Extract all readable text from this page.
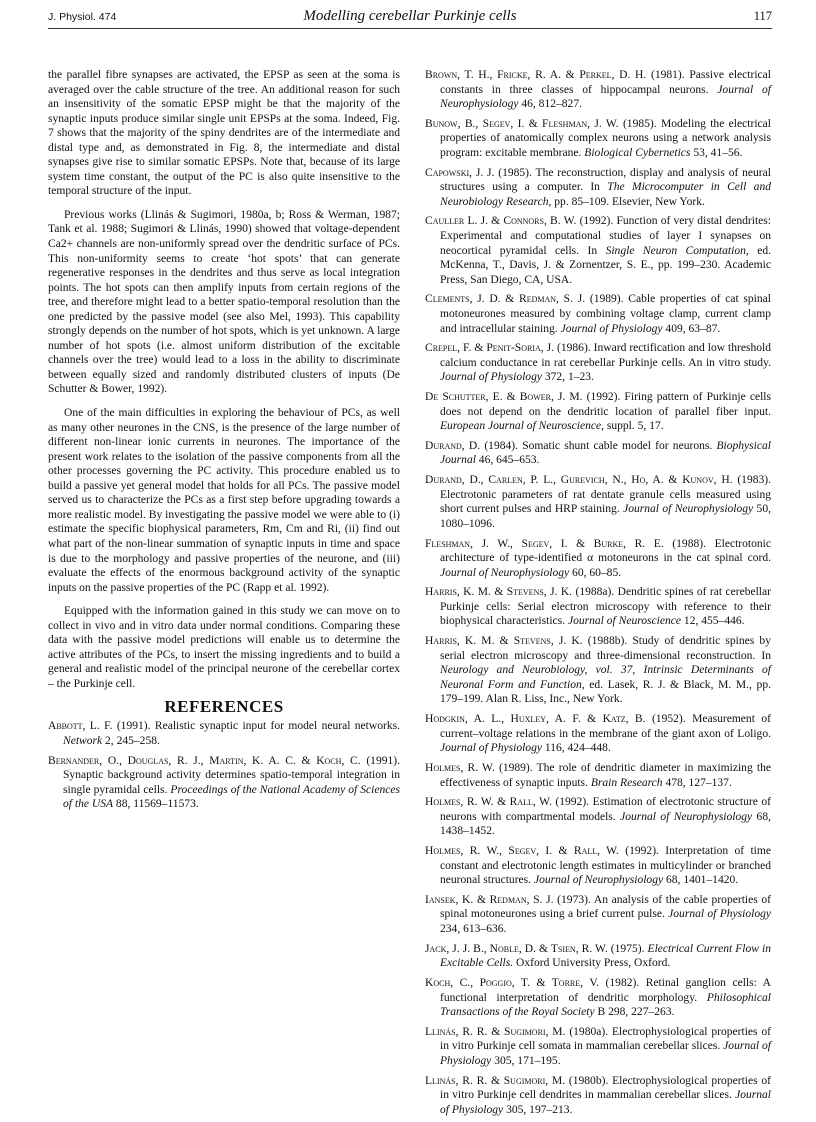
J. Physiol. 474	Modelling cerebellar Purkinje cells	117

the parallel fibre synapses are activated, the EPSP as seen at the soma is averaged over the cable structure of the tree. An additional reason for such an insensitivity of the somatic EPSP might be that the majority of the synaptic inputs produce similar single unit EPSPs at the soma. Indeed, Fig. 7 shows that the majority of the spiny dendrites are of the intermediate and distal type and, as demonstrated in Fig. 8, the intermediate and distal synapses give rise to similar somatic EPSPs. Note that, because of its large system time constant, the output of the PC is also quite insensitive to the temporal structure of the input.

Previous works (Llinás & Sugimori, 1980a, b; Ross & Werman, 1987; Tank et al. 1988; Sugimori & Llinás, 1990) showed that voltage-dependent Ca2+ channels are non-uniformly spread over the dendritic surface of PCs. This non-uniformity seems to create ‘hot spots’ that can generate regenerative responses in the dendrites and thus serve as local integration points. The hot spots can then amplify inputs from certain regions of the tree, and therefore might lead to a better spatio-temporal resolution than the one predicted by the passive model (see also Mel, 1993). This capability strongly depends on the number of hot spots, which is yet unknown. A large number of hot spots (i.e. almost uniform distribution of the excitable channels over the tree) would lead to a loss in the ability to discriminate between equally sized and randomly distributed clusters of inputs (De Schutter & Bower, 1992).

One of the main difficulties in exploring the behaviour of PCs, as well as many other neurones in the CNS, is the presence of the large number of different non-linear ionic currents in neurones. The importance of the present work relates to the isolation of the passive components from all the other processes governing the PC activity. This procedure enabled us to build a passive yet general model that holds for all PCs. The passive model served us to characterize the PCs as a first step before upgrading towards a more realistic model. By investigating the passive model we were able to (i) estimate the specific biophysical parameters, Rm, Cm and Ri, (ii) find out what part of the non-linear summation of synaptic inputs in time and space is due to the morphology and passive properties of the neurone, and (iii) evaluate the effects of the enormous background activity of the synaptic inputs on the passive properties of the PC (Rapp et al. 1992).

Equipped with the information gained in this study we can move on to collect in vivo and in vitro data under normal conditions. Comparing these data with the passive model predictions will enable us to determine the active attributes of the PCs, to insert the missing ingredients and to build a general and realistic model of the principal neurone of the cerebellar cortex – the Purkinje cell.

REFERENCES

Abbott, L. F. (1991). Realistic synaptic input for model neural networks. Network 2, 245–258.

Bernander, O., Douglas, R. J., Martin, K. A. C. & Koch, C. (1991). Synaptic background activity determines spatio-temporal integration in single pyramidal cells. Proceedings of the National Academy of Sciences of the USA 88, 11569–11573.

Brown, T. H., Fricke, R. A. & Perkel, D. H. (1981). Passive electrical constants in three classes of hippocampal neurons. Journal of Neurophysiology 46, 812–827.

Bunow, B., Segev, I. & Fleshman, J. W. (1985). Modeling the electrical properties of anatomically complex neurons using a network analysis program: excitable membrane. Biological Cybernetics 53, 41–56.

Capowski, J. J. (1985). The reconstruction, display and analysis of neural structures using a computer. In The Microcomputer in Cell and Neurobiology Research, pp. 85–109. Elsevier, New York.

Cauller L. J. & Connors, B. W. (1992). Function of very distal dendrites: Experimental and computational studies of layer I synapses on neocortical pyramidal cells. In Single Neuron Computation, ed. McKenna, T., Davis, J. & Zornentzer, S. E., pp. 199–230. Academic Press, San Diego, CA, USA.

Clements, J. D. & Redman, S. J. (1989). Cable properties of cat spinal motoneurones measured by combining voltage clamp, current clamp and intracellular staining. Journal of Physiology 409, 63–87.

Crepel, F. & Penit-Soria, J. (1986). Inward rectification and low threshold calcium conductance in rat cerebellar Purkinje cells. An in vitro study. Journal of Physiology 372, 1–23.

De Schutter, E. & Bower, J. M. (1992). Firing pattern of Purkinje cells does not depend on the dendritic location of parallel fiber input. European Journal of Neuroscience, suppl. 5, 17.

Durand, D. (1984). Somatic shunt cable model for neurons. Biophysical Journal 46, 645–653.

Durand, D., Carlen, P. L., Gurevich, N., Ho, A. & Kunov, H. (1983). Electrotonic parameters of rat dentate granule cells measured using short current pulses and HRP staining. Journal of Neurophysiology 50, 1080–1096.

Fleshman, J. W., Segev, I. & Burke, R. E. (1988). Electrotonic architecture of type-identified α motoneurons in the cat spinal cord. Journal of Neurophysiology 60, 60–85.

Harris, K. M. & Stevens, J. K. (1988a). Dendritic spines of rat cerebellar Purkinje cells: Serial electron microscopy with reference to their biophysical characteristics. Journal of Neuroscience 12, 455–446.

Harris, K. M. & Stevens, J. K. (1988b). Study of dendritic spines by serial electron microscopy and three-dimensional reconstruction. In Neurology and Neurobiology, vol. 37, Intrinsic Determinants of Neuronal Form and Function, ed. Lasek, R. J. & Black, M. M., pp. 179–199. Alan R. Liss, Inc., New York.

Hodgkin, A. L., Huxley, A. F. & Katz, B. (1952). Measurement of current–voltage relations in the membrane of the giant axon of Loligo. Journal of Physiology 116, 424–448.

Holmes, R. W. (1989). The role of dendritic diameter in maximizing the effectiveness of synaptic inputs. Brain Research 478, 127–137.

Holmes, R. W. & Rall, W. (1992). Estimation of electrotonic structure of neurons with compartmental models. Journal of Neurophysiology 68, 1438–1452.

Holmes, R. W., Segev, I. & Rall, W. (1992). Interpretation of time constant and electrotonic length estimates in multicylinder or branched neuronal structures. Journal of Neurophysiology 68, 1401–1420.

Iansek, K. & Redman, S. J. (1973). An analysis of the cable properties of spinal motoneurones using a brief current pulse. Journal of Physiology 234, 613–636.

Jack, J. J. B., Noble, D. & Tsien, R. W. (1975). Electrical Current Flow in Excitable Cells. Oxford University Press, Oxford.

Koch, C., Poggio, T. & Torre, V. (1982). Retinal ganglion cells: A functional interpretation of dendritic morphology. Philosophical Transactions of the Royal Society B 298, 227–263.

Llinás, R. R. & Sugimori, M. (1980a). Electrophysiological properties of in vitro Purkinje cell somata in mammalian cerebellar slices. Journal of Physiology 305, 171–195.

Llinás, R. R. & Sugimori, M. (1980b). Electrophysiological properties of in vitro Purkinje cell dendrites in mammalian cerebellar slices. Journal of Physiology 305, 197–213.
